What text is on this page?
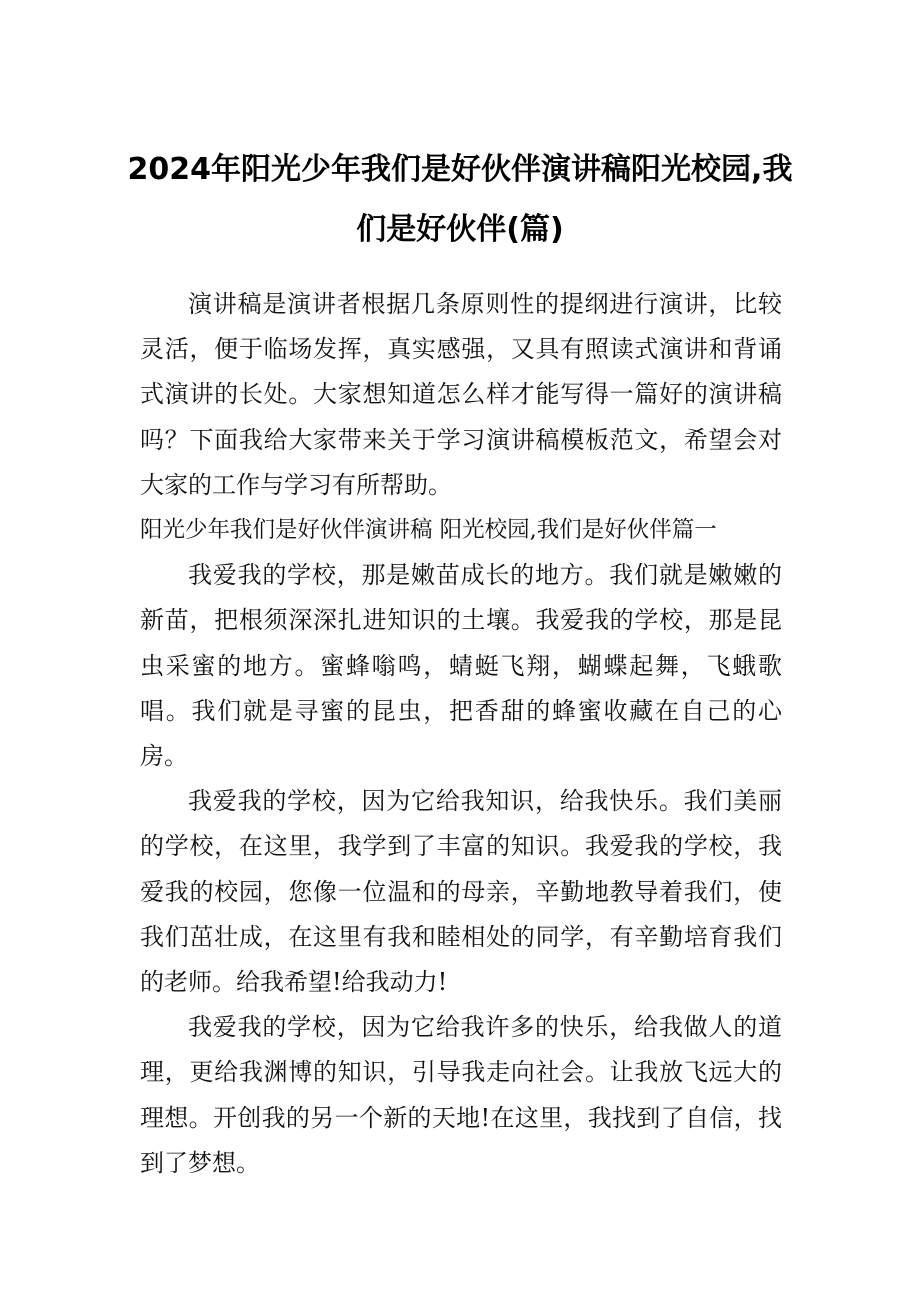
2024年阳光少年我们是好伙伴演讲稿阳光校园,我们是好伙伴(篇)

演讲稿是演讲者根据几条原则性的提纲进行演讲，比较灵活，便于临场发挥，真实感强，又具有照读式演讲和背诵式演讲的长处。大家想知道怎么样才能写得一篇好的演讲稿吗？下面我给大家带来关于学习演讲稿模板范文，希望会对大家的工作与学习有所帮助。

阳光少年我们是好伙伴演讲稿 阳光校园,我们是好伙伴篇一

我爱我的学校，那是嫩苗成长的地方。我们就是嫩嫩的新苗，把根须深深扎进知识的土壤。我爱我的学校，那是昆虫采蜜的地方。蜜蜂嗡鸣，蜻蜓飞翔，蝴蝶起舞，飞蛾歌唱。我们就是寻蜜的昆虫，把香甜的蜂蜜收藏在自己的心房。

我爱我的学校，因为它给我知识，给我快乐。我们美丽的学校，在这里，我学到了丰富的知识。我爱我的学校，我爱我的校园，您像一位温和的母亲，辛勤地教导着我们，使我们茁壮成，在这里有我和睦相处的同学，有辛勤培育我们的老师。给我希望!给我动力!

我爱我的学校，因为它给我许多的快乐，给我做人的道理，更给我渊博的知识，引导我走向社会。让我放飞远大的理想。开创我的另一个新的天地!在这里，我找到了自信，找到了梦想。
